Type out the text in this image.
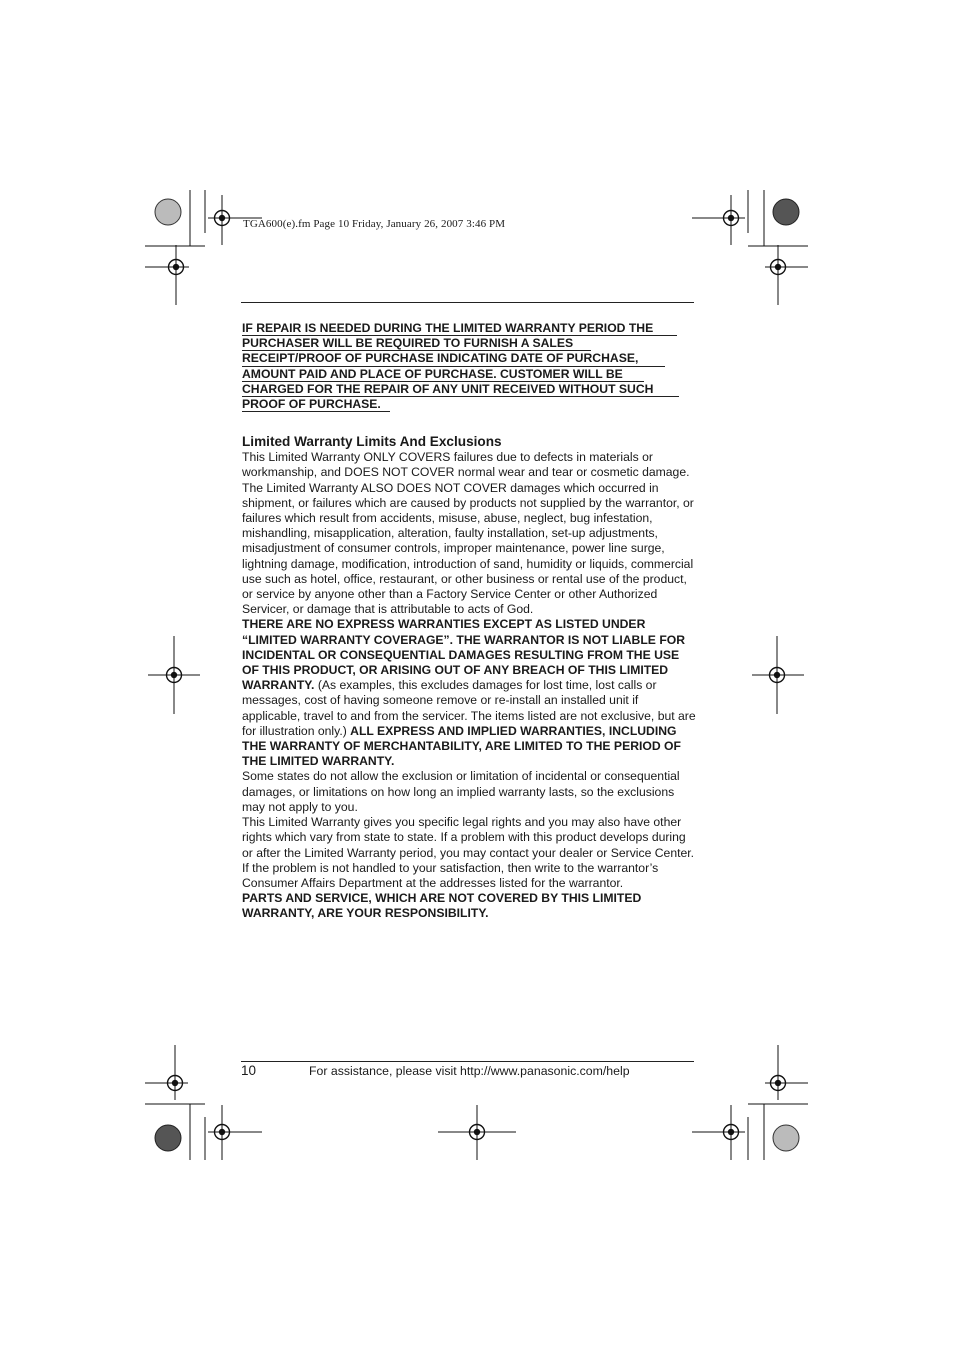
TGA600(e).fm Page 10 Friday, January 26, 2007 3:46 PM
IF REPAIR IS NEEDED DURING THE LIMITED WARRANTY PERIOD THE
PURCHASER WILL BE REQUIRED TO FURNISH A SALES
RECEIPT/PROOF OF PURCHASE INDICATING DATE OF PURCHASE,
AMOUNT PAID AND PLACE OF PURCHASE. CUSTOMER WILL BE
CHARGED FOR THE REPAIR OF ANY UNIT RECEIVED WITHOUT SUCH
PROOF OF PURCHASE.
Limited Warranty Limits And Exclusions

This Limited Warranty ONLY COVERS failures due to defects in materials or workmanship, and DOES NOT COVER normal wear and tear or cosmetic damage. The Limited Warranty ALSO DOES NOT COVER damages which occurred in shipment, or failures which are caused by products not supplied by the warrantor, or failures which result from accidents, misuse, abuse, neglect, bug infestation, mishandling, misapplication, alteration, faulty installation, set-up adjustments, misadjustment of consumer controls, improper maintenance, power line surge, lightning damage, modification, introduction of sand, humidity or liquids, commercial use such as hotel, office, restaurant, or other business or rental use of the product, or service by anyone other than a Factory Service Center or other Authorized Servicer, or damage that is attributable to acts of God.

THERE ARE NO EXPRESS WARRANTIES EXCEPT AS LISTED UNDER “LIMITED WARRANTY COVERAGE”. THE WARRANTOR IS NOT LIABLE FOR INCIDENTAL OR CONSEQUENTIAL DAMAGES RESULTING FROM THE USE OF THIS PRODUCT, OR ARISING OUT OF ANY BREACH OF THIS LIMITED WARRANTY. (As examples, this excludes damages for lost time, lost calls or messages, cost of having someone remove or re-install an installed unit if applicable, travel to and from the servicer. The items listed are not exclusive, but are for illustration only.) ALL EXPRESS AND IMPLIED WARRANTIES, INCLUDING THE WARRANTY OF MERCHANTABILITY, ARE LIMITED TO THE PERIOD OF THE LIMITED WARRANTY.

Some states do not allow the exclusion or limitation of incidental or consequential damages, or limitations on how long an implied warranty lasts, so the exclusions may not apply to you.

This Limited Warranty gives you specific legal rights and you may also have other rights which vary from state to state. If a problem with this product develops during or after the Limited Warranty period, you may contact your dealer or Service Center. If the problem is not handled to your satisfaction, then write to the warrantor’s Consumer Affairs Department at the addresses listed for the warrantor.

PARTS AND SERVICE, WHICH ARE NOT COVERED BY THIS LIMITED WARRANTY, ARE YOUR RESPONSIBILITY.

10	For assistance, please visit http://www.panasonic.com/help
